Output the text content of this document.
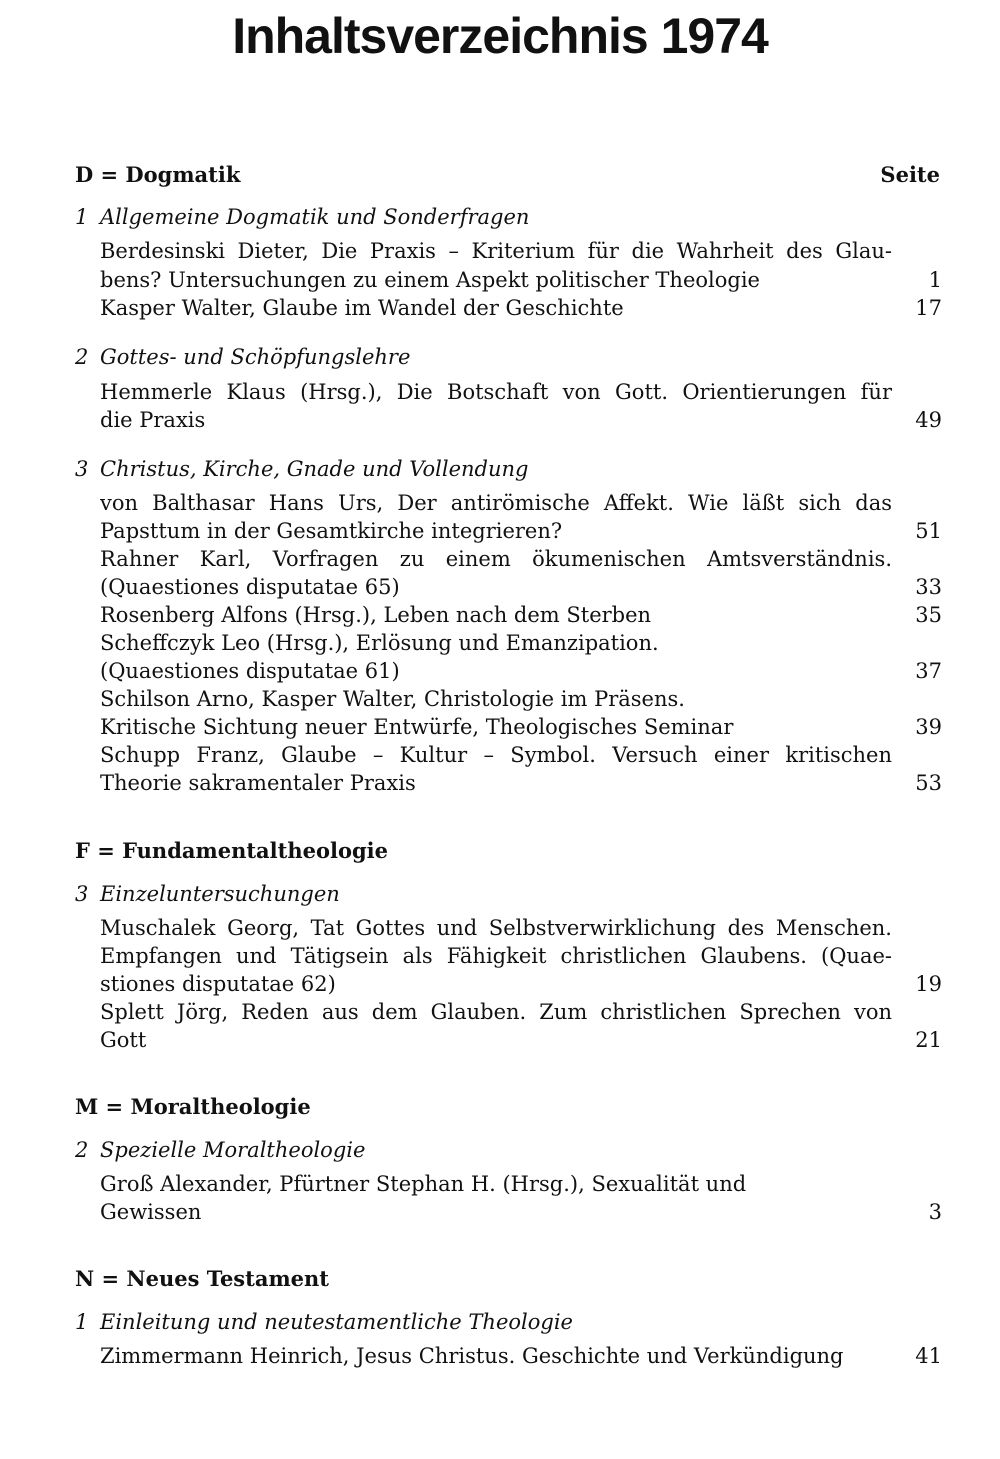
Inhaltsverzeichnis 1974
Seite
D = Dogmatik
1 Allgemeine Dogmatik und Sonderfragen
Berdesinski Dieter, Die Praxis – Kriterium für die Wahrheit des Glau-
bens? Untersuchungen zu einem Aspekt politischer Theologie	1
Kasper Walter, Glaube im Wandel der Geschichte	17
2 Gottes- und Schöpfungslehre
Hemmerle Klaus (Hrsg.), Die Botschaft von Gott. Orientierungen für
die Praxis	49
3 Christus, Kirche, Gnade und Vollendung
von Balthasar Hans Urs, Der antirömische Affekt. Wie läßt sich das
Papsttum in der Gesamtkirche integrieren?	51
Rahner Karl, Vorfragen zu einem ökumenischen Amtsverständnis.
(Quaestiones disputatae 65)	33
Rosenberg Alfons (Hrsg.), Leben nach dem Sterben	35
Scheffczyk Leo (Hrsg.), Erlösung und Emanzipation.
(Quaestiones disputatae 61)	37
Schilson Arno, Kasper Walter, Christologie im Präsens.
Kritische Sichtung neuer Entwürfe, Theologisches Seminar	39
Schupp Franz, Glaube – Kultur – Symbol. Versuch einer kritischen
Theorie sakramentaler Praxis	53
F = Fundamentaltheologie
3 Einzeluntersuchungen
Muschalek Georg, Tat Gottes und Selbstverwirklichung des Menschen.
Empfangen und Tätigsein als Fähigkeit christlichen Glaubens. (Quae-
stiones disputatae 62)	19
Splett Jörg, Reden aus dem Glauben. Zum christlichen Sprechen von
Gott	21
M = Moraltheologie
2 Spezielle Moraltheologie
Groß Alexander, Pfürtner Stephan H. (Hrsg.), Sexualität und
Gewissen	3
N = Neues Testament
1 Einleitung und neutestamentliche Theologie
Zimmermann Heinrich, Jesus Christus. Geschichte und Verkündigung	41
